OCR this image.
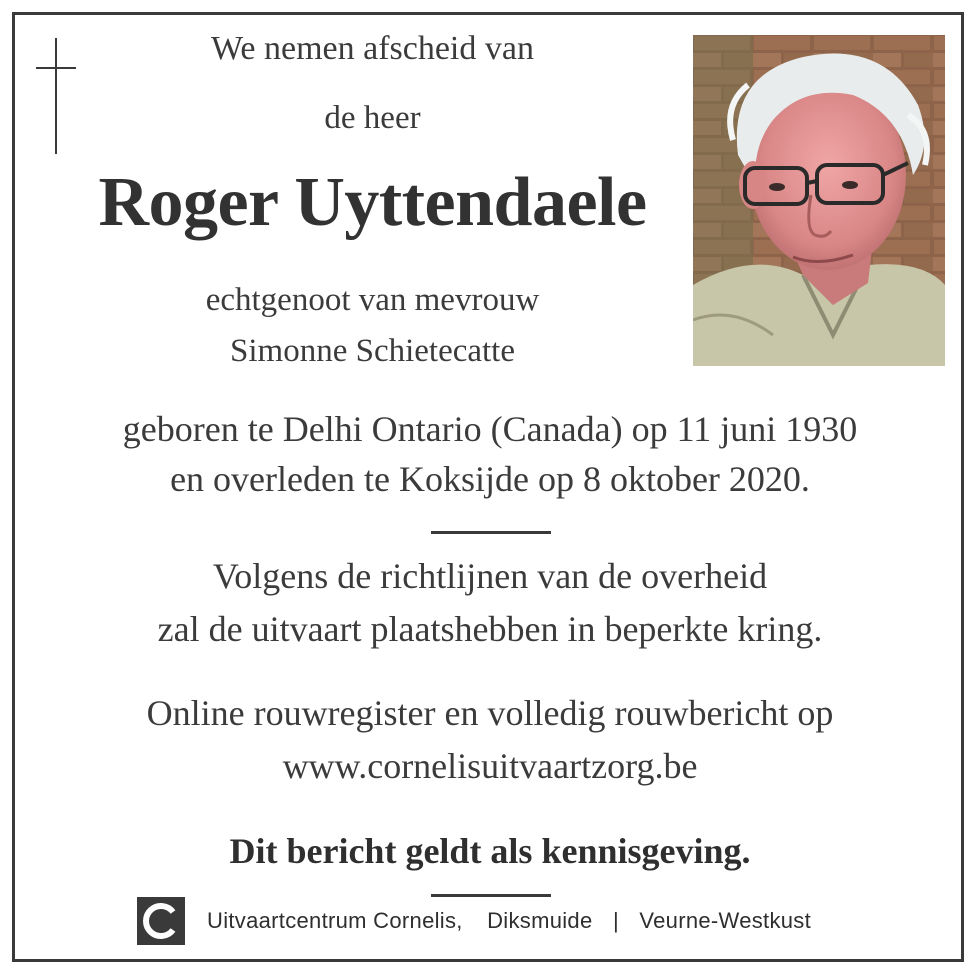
We nemen afscheid van
de heer
Roger Uyttendaele
echtgenoot van mevrouw
Simonne Schietecatte
geboren te Delhi Ontario (Canada) op 11 juni 1930
en overleden te Koksijde op 8 oktober 2020.
Volgens de richtlijnen van de overheid
zal de uitvaart plaatshebben in beperkte kring.
Online rouwregister en volledig rouwbericht op
www.cornelisuitvaartzorg.be
Dit bericht geldt als kennisgeving.
Uitvaartcentrum Cornelis, Diksmuide | Veurne-Westkust
